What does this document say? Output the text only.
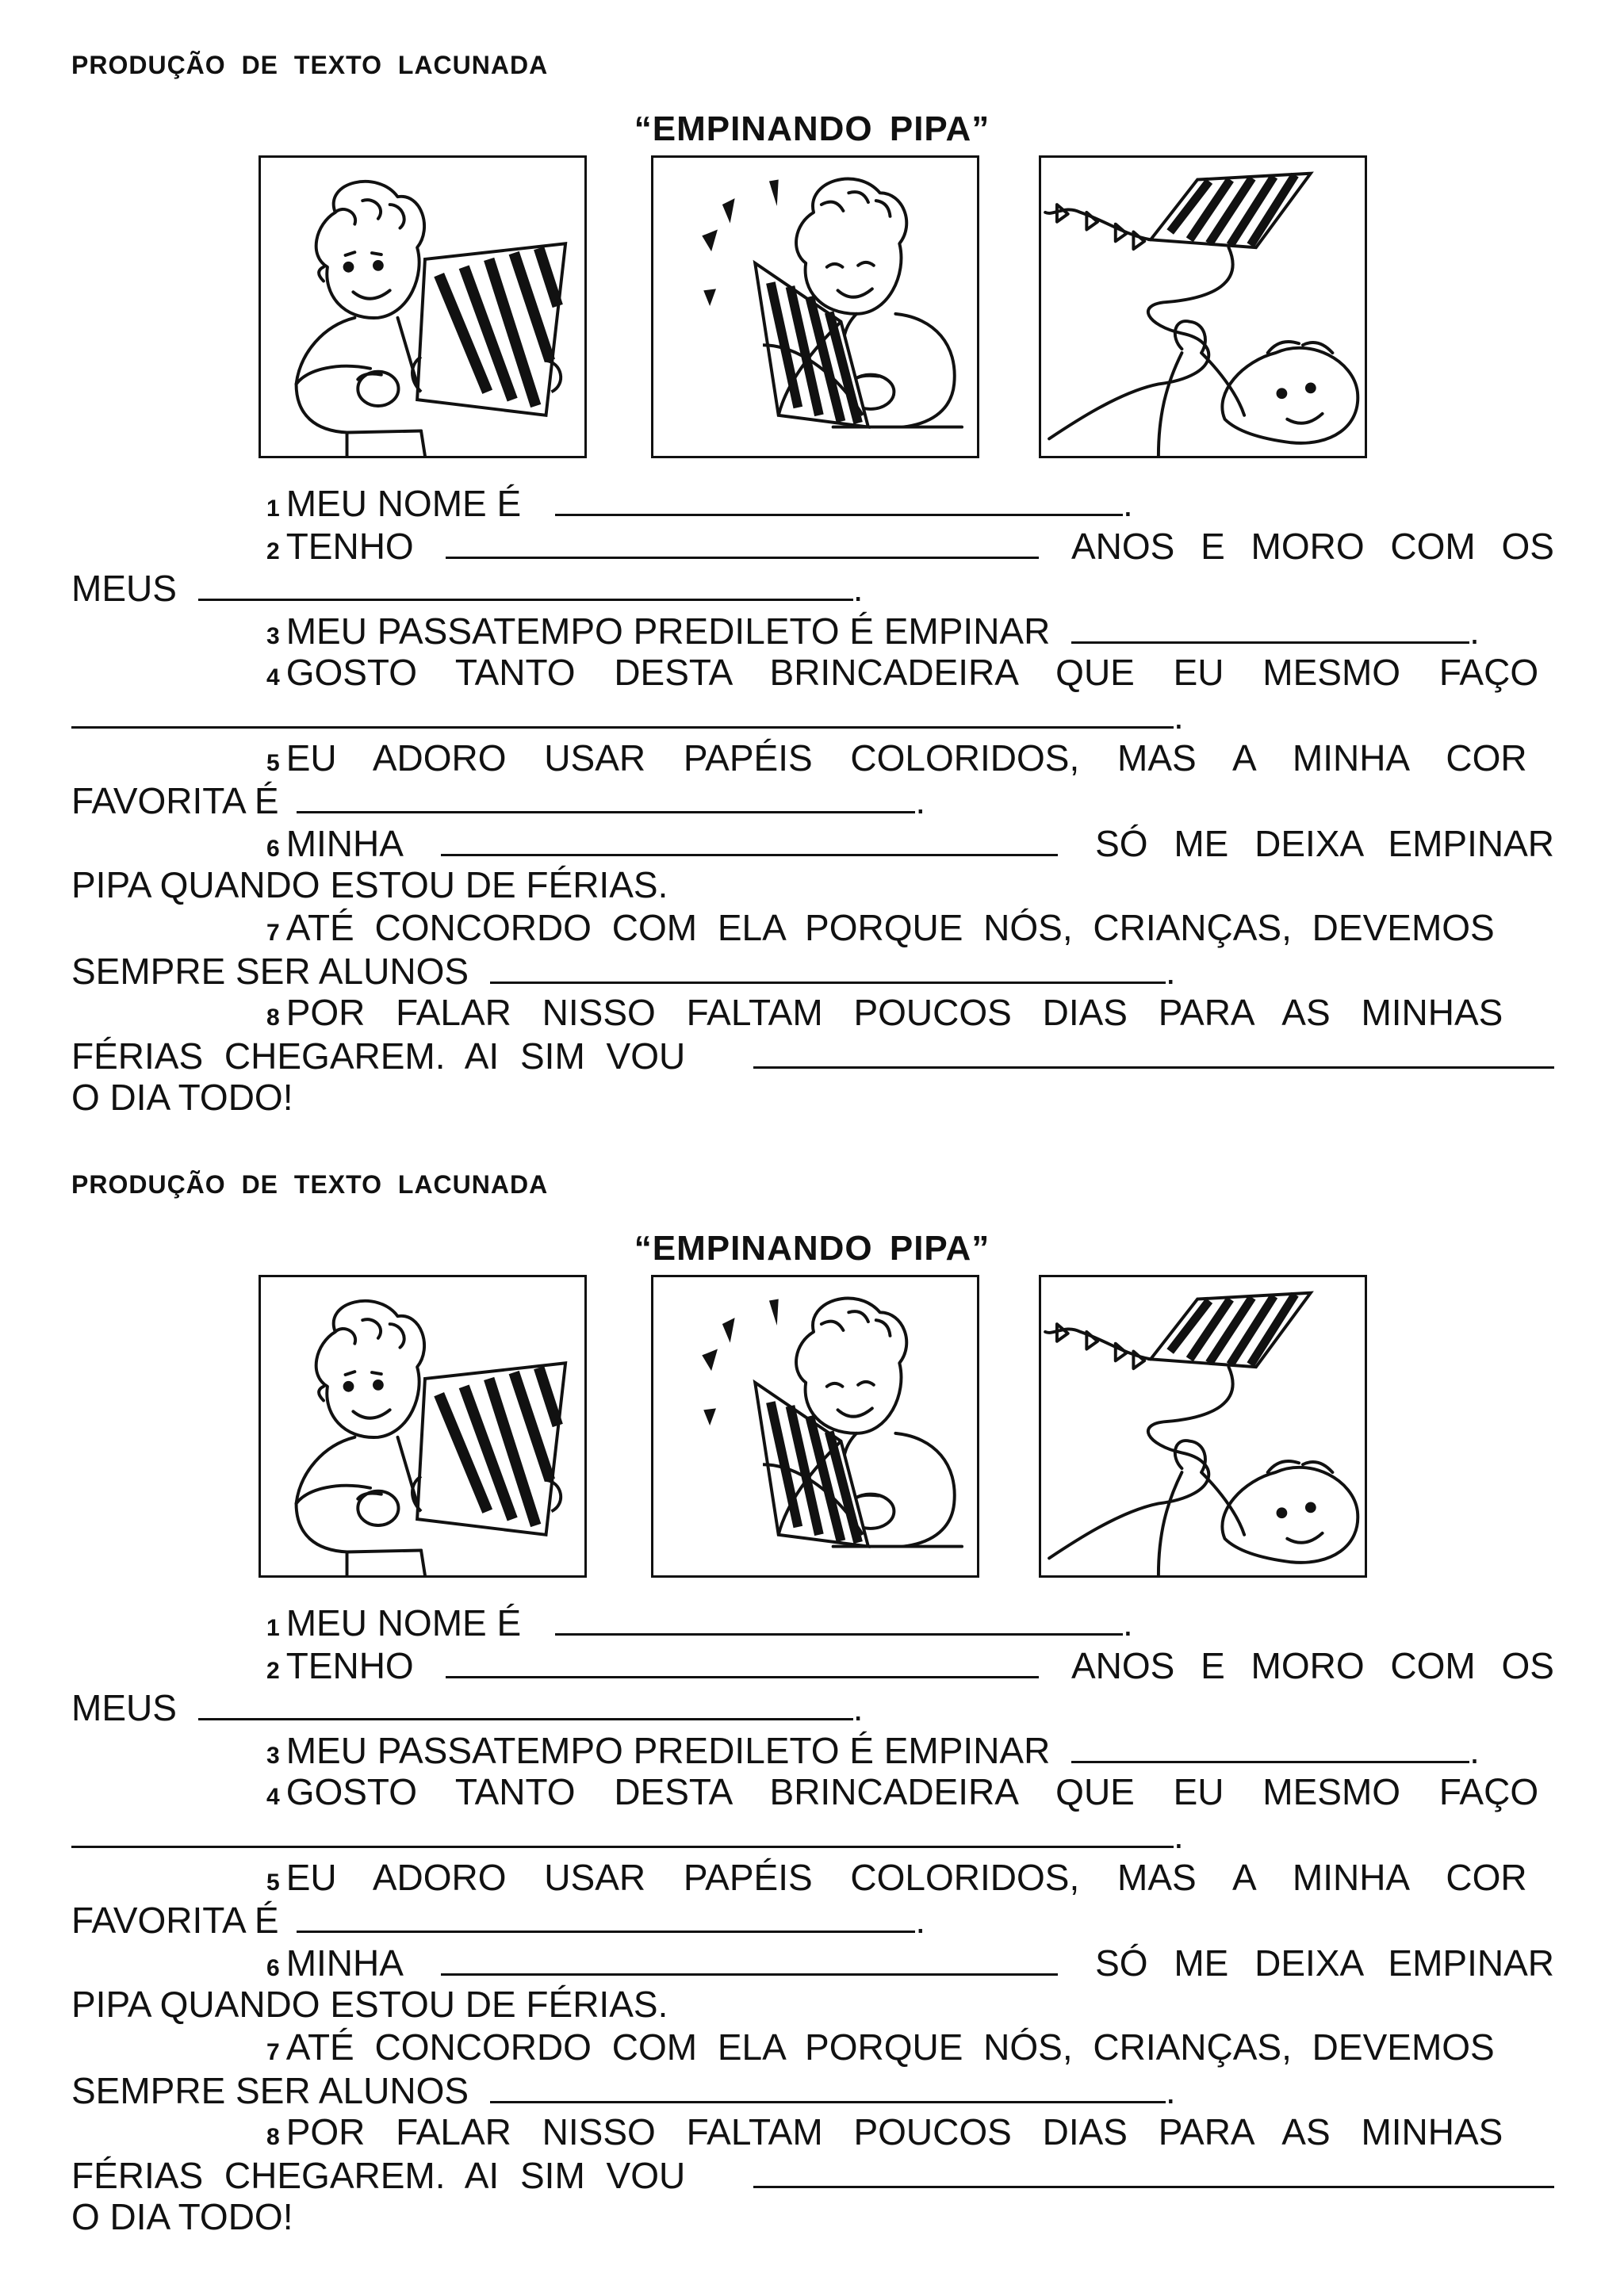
PRODUÇÃO DE TEXTO LACUNADA
“EMPINANDO PIPA”
1 MEU NOME É	.
2 TENHO	ANOS E MORO COM OS
MEUS	.
3 MEU PASSATEMPO PREDILETO É EMPINAR	.
4 GOSTO TANTO DESTA BRINCADEIRA QUE EU MESMO FAÇO
.
5 EU ADORO USAR PAPÉIS COLORIDOS, MAS A MINHA COR
FAVORITA É	.
6 MINHA	SÓ ME DEIXA EMPINAR
PIPA QUANDO ESTOU DE FÉRIAS.
7 ATÉ CONCORDO COM ELA PORQUE NÓS, CRIANÇAS, DEVEMOS
SEMPRE SER ALUNOS	.
8 POR FALAR NISSO FALTAM POUCOS DIAS PARA AS MINHAS
FÉRIAS CHEGAREM. AI SIM VOU
O DIA TODO!
PRODUÇÃO DE TEXTO LACUNADA
“EMPINANDO PIPA”
1 MEU NOME É	.
2 TENHO	ANOS E MORO COM OS
MEUS	.
3 MEU PASSATEMPO PREDILETO É EMPINAR	.
4 GOSTO TANTO DESTA BRINCADEIRA QUE EU MESMO FAÇO
.
5 EU ADORO USAR PAPÉIS COLORIDOS, MAS A MINHA COR
FAVORITA É	.
6 MINHA	SÓ ME DEIXA EMPINAR
PIPA QUANDO ESTOU DE FÉRIAS.
7 ATÉ CONCORDO COM ELA PORQUE NÓS, CRIANÇAS, DEVEMOS
SEMPRE SER ALUNOS	.
8 POR FALAR NISSO FALTAM POUCOS DIAS PARA AS MINHAS
FÉRIAS CHEGAREM. AI SIM VOU
O DIA TODO!
